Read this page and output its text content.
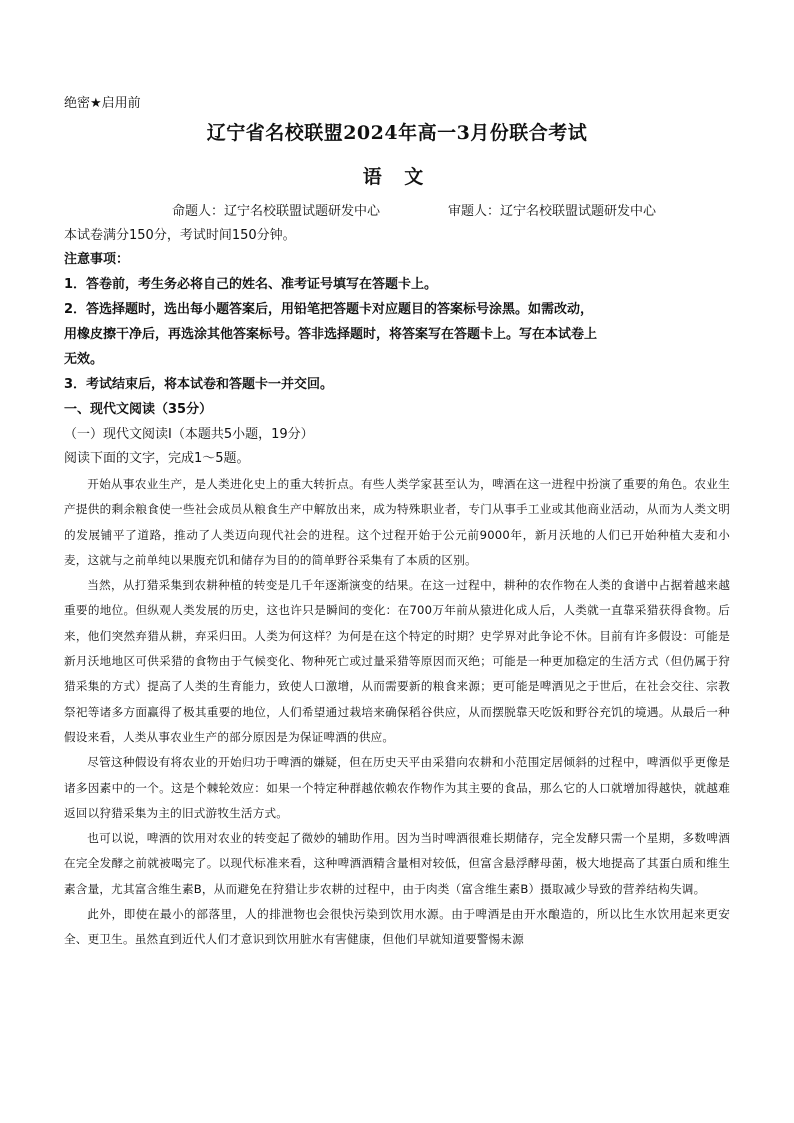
绝密★启用前
辽宁省名校联盟2024年高一3月份联合考试
语 文
命题人：辽宁名校联盟试题研发中心	审题人：辽宁名校联盟试题研发中心
本试卷满分150分，考试时间150分钟。
注意事项：
1．答卷前，考生务必将自己的姓名、准考证号填写在答题卡上。
2．答选择题时，选出每小题答案后，用铅笔把答题卡对应题目的答案标号涂黑。如需改动，
用橡皮擦干净后，再选涂其他答案标号。答非选择题时，将答案写在答题卡上。写在本试卷上
无效。
3．考试结束后，将本试卷和答题卡一并交回。
一、现代文阅读（35分）
（一）现代文阅读Ⅰ（本题共5小题，19分）
阅读下面的文字，完成1～5题。

开始从事农业生产，是人类进化史上的重大转折点。有些人类学家甚至认为，啤酒在这一进程中扮演了重要的角色。农业生产提供的剩余粮食使一些社会成员从粮食生产中解放出来，成为特殊职业者，专门从事手工业或其他商业活动，从而为人类文明的发展铺平了道路，推动了人类迈向现代社会的进程。这个过程开始于公元前9000年，新月沃地的人们已开始种植大麦和小麦，这就与之前单纯以果腹充饥和储存为目的的简单野谷采集有了本质的区别。

当然，从打猎采集到农耕种植的转变是几千年逐渐演变的结果。在这一过程中，耕种的农作物在人类的食谱中占据着越来越重要的地位。但纵观人类发展的历史，这也许只是瞬间的变化：在700万年前从猿进化成人后，人类就一直靠采猎获得食物。后来，他们突然弃猎从耕，弃采归田。人类为何这样？为何是在这个特定的时期？史学界对此争论不休。目前有许多假设：可能是新月沃地地区可供采猎的食物由于气候变化、物种死亡或过量采猎等原因而灭绝；可能是一种更加稳定的生活方式（但仍属于狩猎采集的方式）提高了人类的生育能力，致使人口激增，从而需要新的粮食来源；更可能是啤酒见之于世后，在社会交往、宗教祭祀等诸多方面赢得了极其重要的地位，人们希望通过栽培来确保稻谷供应，从而摆脱靠天吃饭和野谷充饥的境遇。从最后一种假设来看，人类从事农业生产的部分原因是为保证啤酒的供应。

尽管这种假设有将农业的开始归功于啤酒的嫌疑，但在历史天平由采猎向农耕和小范围定居倾斜的过程中，啤酒似乎更像是诸多因素中的一个。这是个棘轮效应：如果一个特定种群越依赖农作物作为其主要的食品，那么它的人口就增加得越快，就越难返回以狩猎采集为主的旧式游牧生活方式。

也可以说，啤酒的饮用对农业的转变起了微妙的辅助作用。因为当时啤酒很难长期储存，完全发酵只需一个星期，多数啤酒在完全发酵之前就被喝完了。以现代标准来看，这种啤酒酒精含量相对较低，但富含悬浮酵母菌，极大地提高了其蛋白质和维生素含量，尤其富含维生素B，从而避免在狩猎让步农耕的过程中，由于肉类（富含维生素B）摄取减少导致的营养结构失调。

此外，即使在最小的部落里，人的排泄物也会很快污染到饮用水源。由于啤酒是由开水酿造的，所以比生水饮用起来更安全、更卫生。虽然直到近代人们才意识到饮用脏水有害健康，但他们早就知道要警惕未源
